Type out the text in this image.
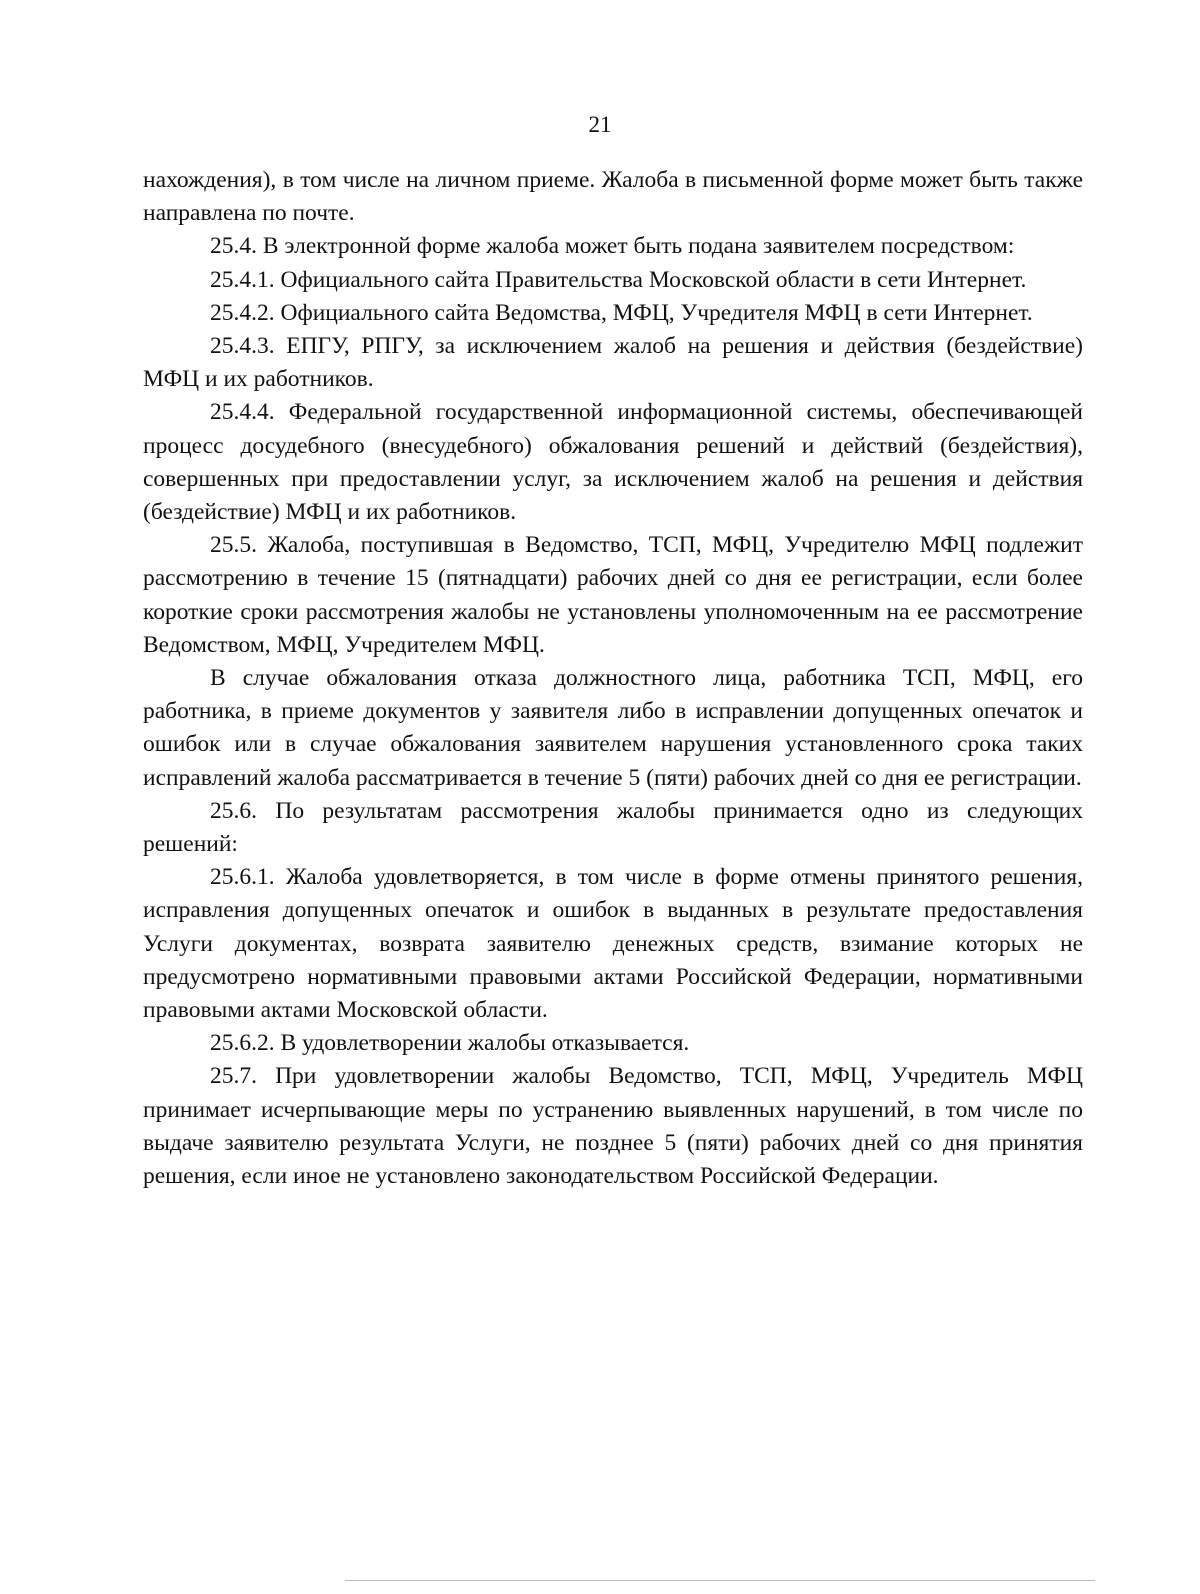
21

нахождения), в том числе на личном приеме. Жалоба в письменной форме может быть также направлена по почте.

25.4. В электронной форме жалоба может быть подана заявителем посредством:

25.4.1. Официального сайта Правительства Московской области в сети Интернет.

25.4.2. Официального сайта Ведомства, МФЦ, Учредителя МФЦ в сети Интернет.

25.4.3. ЕПГУ, РПГУ, за исключением жалоб на решения и действия (бездействие) МФЦ и их работников.

25.4.4. Федеральной государственной информационной системы, обеспечивающей процесс досудебного (внесудебного) обжалования решений и действий (бездействия), совершенных при предоставлении услуг, за исключением жалоб на решения и действия (бездействие) МФЦ и их работников.

25.5. Жалоба, поступившая в Ведомство, ТСП, МФЦ, Учредителю МФЦ подлежит рассмотрению в течение 15 (пятнадцати) рабочих дней со дня ее регистрации, если более короткие сроки рассмотрения жалобы не установлены уполномоченным на ее рассмотрение Ведомством, МФЦ, Учредителем МФЦ.

В случае обжалования отказа должностного лица, работника ТСП, МФЦ, его работника, в приеме документов у заявителя либо в исправлении допущенных опечаток и ошибок или в случае обжалования заявителем нарушения установленного срока таких исправлений жалоба рассматривается в течение 5 (пяти) рабочих дней со дня ее регистрации.

25.6. По результатам рассмотрения жалобы принимается одно из следующих решений:

25.6.1. Жалоба удовлетворяется, в том числе в форме отмены принятого решения, исправления допущенных опечаток и ошибок в выданных в результате предоставления Услуги документах, возврата заявителю денежных средств, взимание которых не предусмотрено нормативными правовыми актами Российской Федерации, нормативными правовыми актами Московской области.

25.6.2. В удовлетворении жалобы отказывается.

25.7. При удовлетворении жалобы Ведомство, ТСП, МФЦ, Учредитель МФЦ принимает исчерпывающие меры по устранению выявленных нарушений, в том числе по выдаче заявителю результата Услуги, не позднее 5 (пяти) рабочих дней со дня принятия решения, если иное не установлено законодательством Российской Федерации.
